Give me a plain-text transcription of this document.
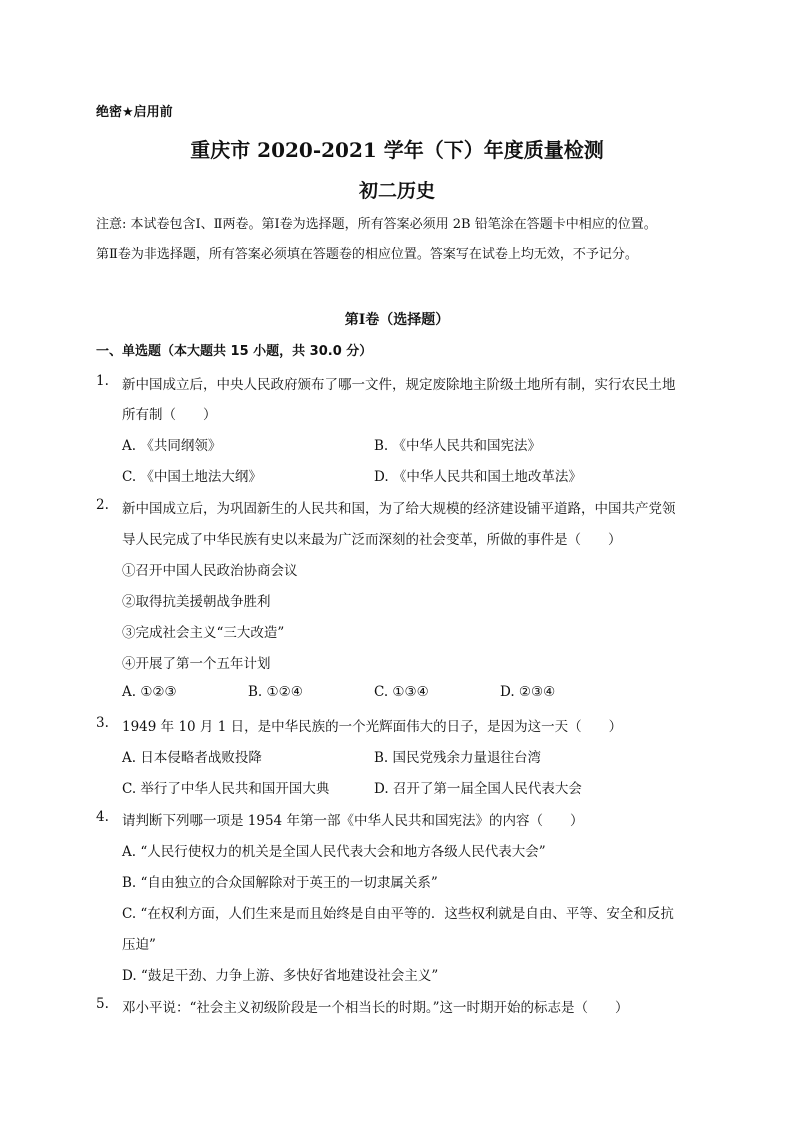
绝密★启用前
重庆市 2020-2021 学年（下）年度质量检测
初二历史
注意: 本试卷包含Ⅰ、Ⅱ两卷。第Ⅰ卷为选择题，所有答案必须用 2B 铅笔涂在答题卡中相应的位置。
第Ⅱ卷为非选择题，所有答案必须填在答题卷的相应位置。答案写在试卷上均无效，不予记分。
第Ⅰ卷（选择题）
一、单选题（本大题共 15 小题，共 30.0 分）
1. 新中国成立后，中央人民政府颁布了哪一文件，规定废除地主阶级土地所有制，实行农民土地
所有制（　　）
A. 《共同纲领》	B. 《中华人民共和国宪法》
C. 《中国土地法大纲》	D. 《中华人民共和国土地改革法》
2. 新中国成立后，为巩固新生的人民共和国，为了给大规模的经济建设铺平道路，中国共产党领
导人民完成了中华民族有史以来最为广泛而深刻的社会变革，所做的事件是（　　）
①召开中国人民政治协商会议
②取得抗美援朝战争胜利
③完成社会主义“三大改造”
④开展了第一个五年计划
A. ①②③	B. ①②④	C. ①③④	D. ②③④
3. 1949 年 10 月 1 日，是中华民族的一个光辉面伟大的日子，是因为这一天（　　）
A. 日本侵略者战败投降	B. 国民党残余力量退往台湾
C. 举行了中华人民共和国开国大典	D. 召开了第一届全国人民代表大会
4. 请判断下列哪一项是 1954 年第一部《中华人民共和国宪法》的内容（　　）
A. “人民行使权力的机关是全国人民代表大会和地方各级人民代表大会”
B. “自由独立的合众国解除对于英王的一切隶属关系”
C. “在权利方面，人们生来是而且始终是自由平等的．这些权利就是自由、平等、安全和反抗
压迫”
D. “鼓足干劲、力争上游、多快好省地建设社会主义”
5. 邓小平说：“社会主义初级阶段是一个相当长的时期。”这一时期开始的标志是（　　）
